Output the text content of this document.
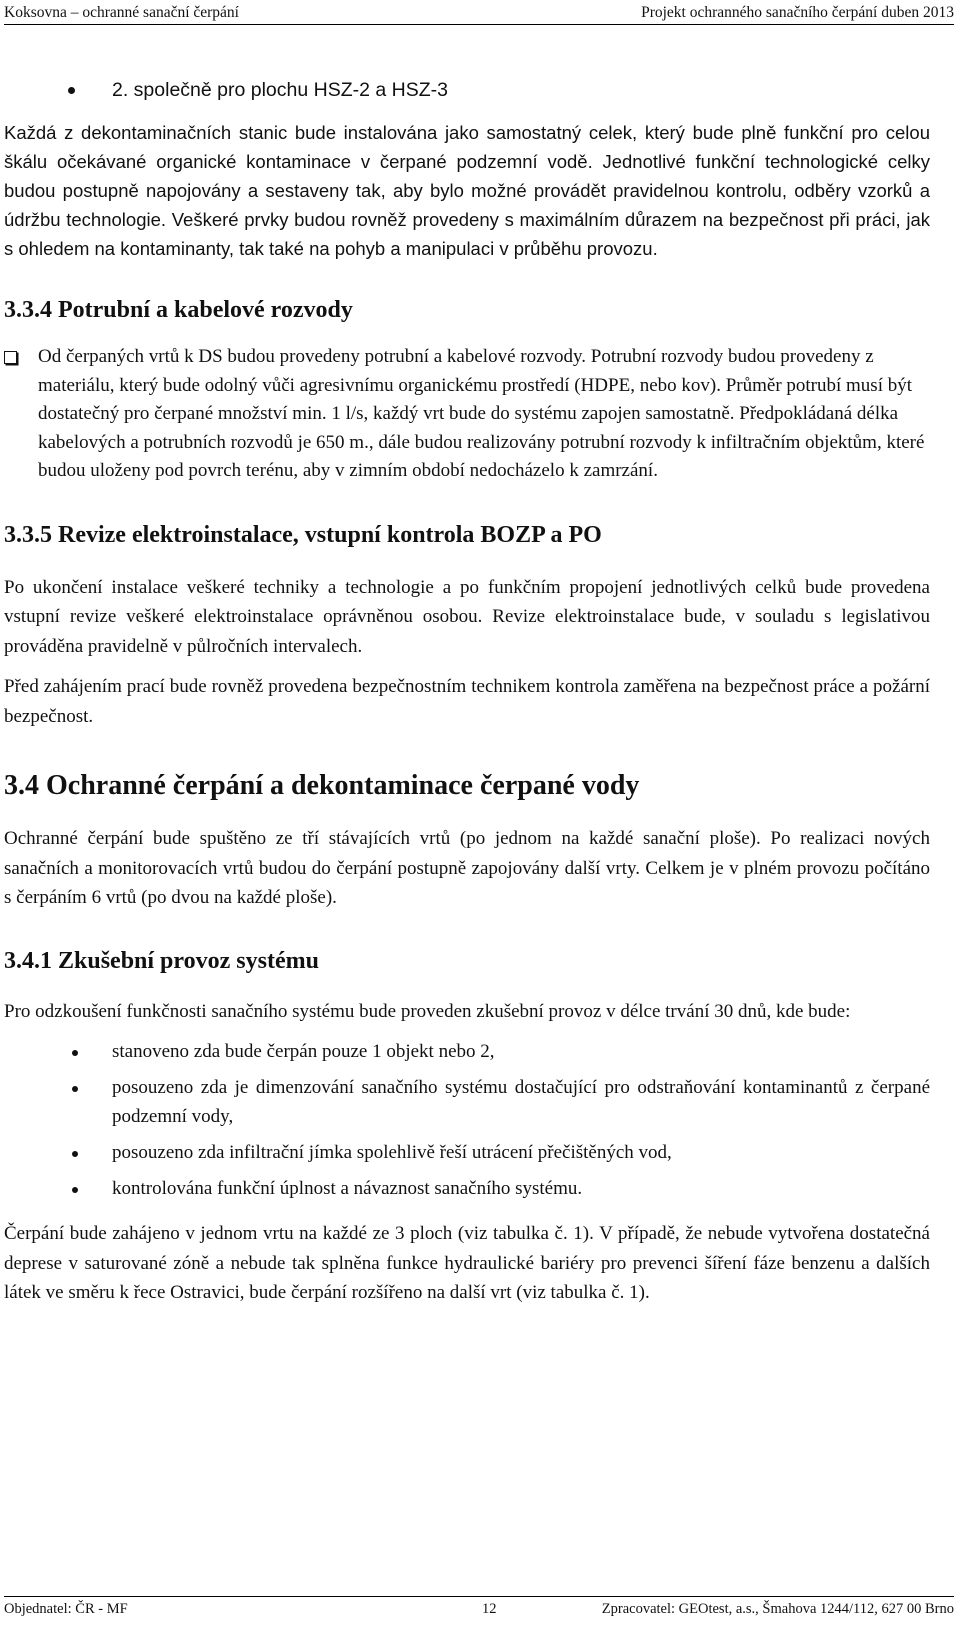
Koksovna – ochranné sanační čerpání	Projekt ochranného sanačního čerpání duben 2013
2. společně pro plochu HSZ-2 a HSZ-3

Každá z dekontaminačních stanic bude instalována jako samostatný celek, který bude plně funkční pro celou škálu očekávané organické kontaminace v čerpané podzemní vodě. Jednotlivé funkční technologické celky budou postupně napojovány a sestaveny tak, aby bylo možné provádět pravidelnou kontrolu, odběry vzorků a údržbu technologie. Veškeré prvky budou rovněž provedeny s maximálním důrazem na bezpečnost při práci, jak s ohledem na kontaminanty, tak také na pohyb a manipulaci v průběhu provozu.

3.3.4 Potrubní a kabelové rozvody
Od čerpaných vrtů k DS budou provedeny potrubní a kabelové rozvody. Potrubní rozvody budou provedeny z materiálu, který bude odolný vůči agresivnímu organickému prostředí (HDPE, nebo kov). Průměr potrubí musí být dostatečný pro čerpané množství min. 1 l/s, každý vrt bude do systému zapojen samostatně. Předpokládaná délka kabelových a potrubních rozvodů je 650 m., dále budou realizovány potrubní rozvody k infiltračním objektům, které budou uloženy pod povrch terénu, aby v zimním období nedocházelo k zamrzání.
3.3.5 Revize elektroinstalace, vstupní kontrola BOZP a PO

Po ukončení instalace veškeré techniky a technologie a po funkčním propojení jednotlivých celků bude provedena vstupní revize veškeré elektroinstalace oprávněnou osobou. Revize elektroinstalace bude, v souladu s legislativou prováděna pravidelně v půlročních intervalech.

Před zahájením prací bude rovněž provedena bezpečnostním technikem kontrola zaměřena na bezpečnost práce a požární bezpečnost.

3.4 Ochranné čerpání a dekontaminace čerpané vody

Ochranné čerpání bude spuštěno ze tří stávajících vrtů (po jednom na každé sanační ploše). Po realizaci nových sanačních a monitorovacích vrtů budou do čerpání postupně zapojovány další vrty. Celkem je v plném provozu počítáno s čerpáním 6 vrtů (po dvou na každé ploše).

3.4.1 Zkušební provoz systému

Pro odzkoušení funkčnosti sanačního systému bude proveden zkušební provoz v délce trvání 30 dnů, kde bude:

stanoveno zda bude čerpán pouze 1 objekt nebo 2,
posouzeno zda je dimenzování sanačního systému dostačující pro odstraňování kontaminantů z čerpané podzemní vody,
posouzeno zda infiltrační jímka spolehlivě řeší utrácení přečištěných vod,
kontrolována funkční úplnost a návaznost sanačního systému.

Čerpání bude zahájeno v jednom vrtu na každé ze 3 ploch (viz tabulka č. 1). V případě, že nebude vytvořena dostatečná deprese v saturované zóně a nebude tak splněna funkce hydraulické bariéry pro prevenci šíření fáze benzenu a dalších látek ve směru k řece Ostravici, bude čerpání rozšířeno na další vrt (viz tabulka č. 1).

Objednatel: ČR - MF	12	Zpracovatel: GEOtest, a.s., Šmahova 1244/112, 627 00 Brno
